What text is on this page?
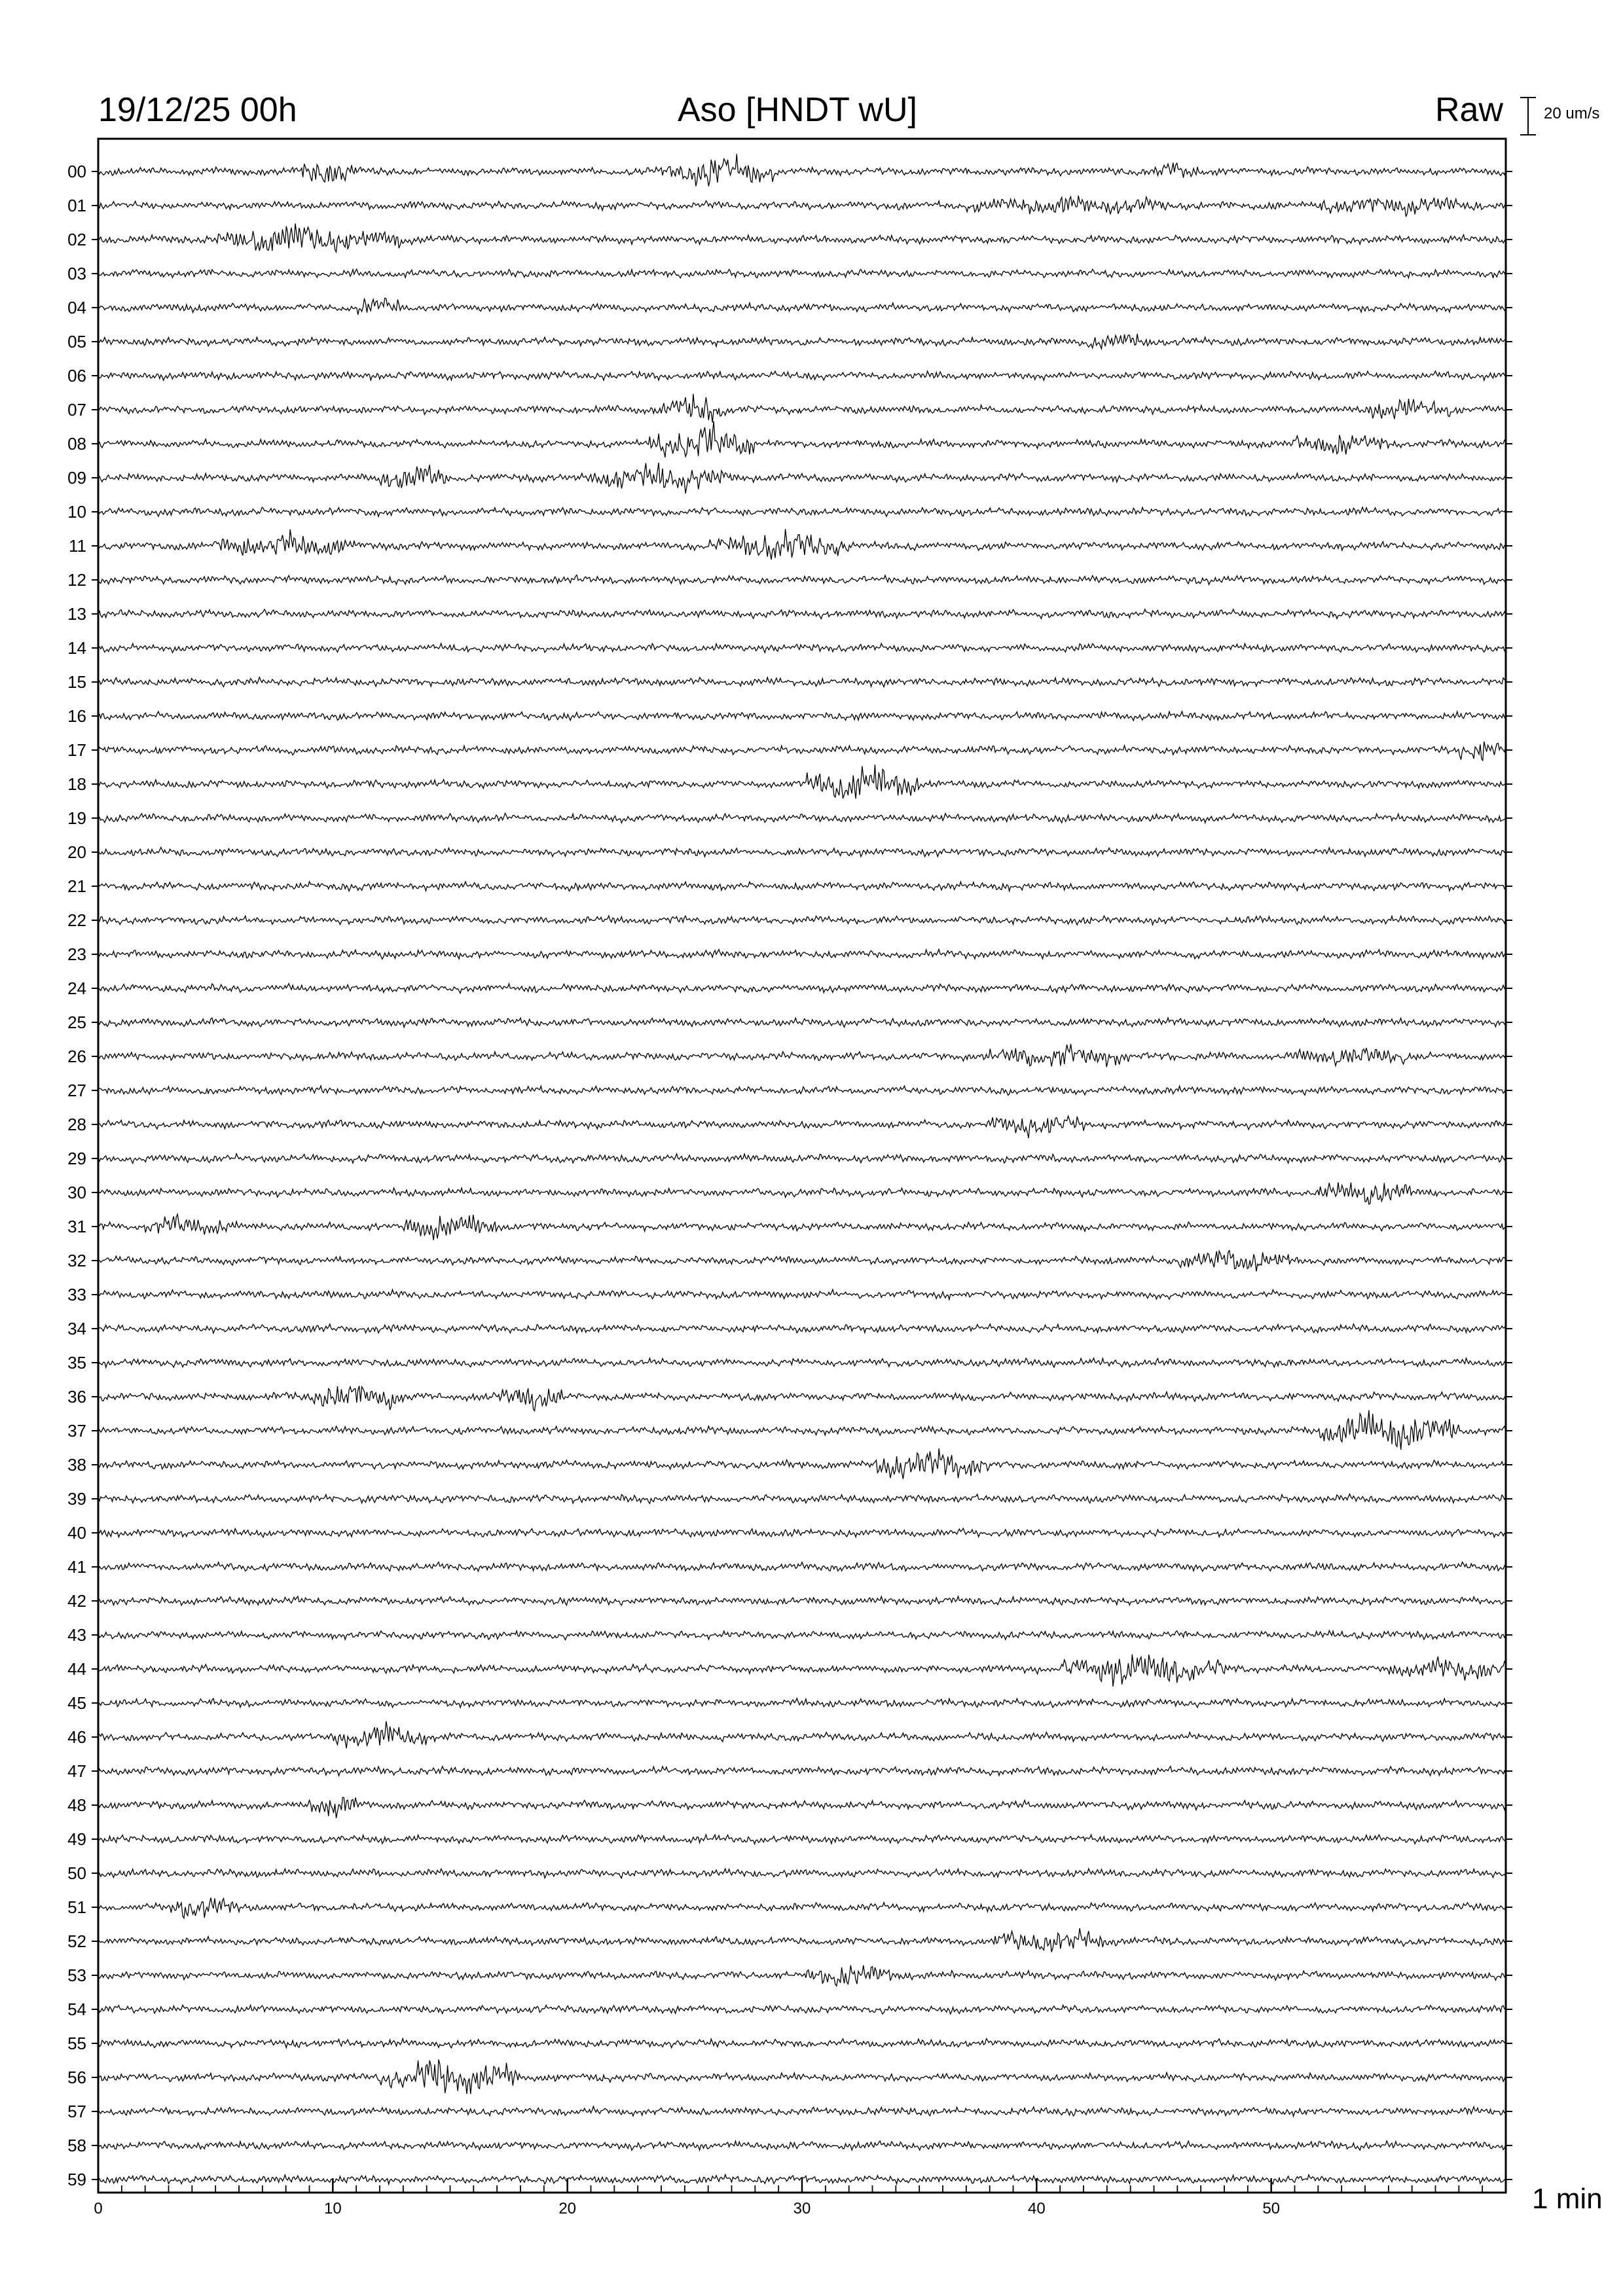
19/12/25 00h	Aso [HNDT wU]	Raw	20 um/s
1 min
00
01
02
03
04
05
06
07
08
09
10
11
12
13
14
15
16
17
18
19
20
21
22
23
24
25
26
27
28
29
30
31
32
33
34
35
36
37
38
39
40
41
42
43
44
45
46
47
48
49
50
51
52
53
54
55
56
57
58
59
0	10	20	30	40	50
